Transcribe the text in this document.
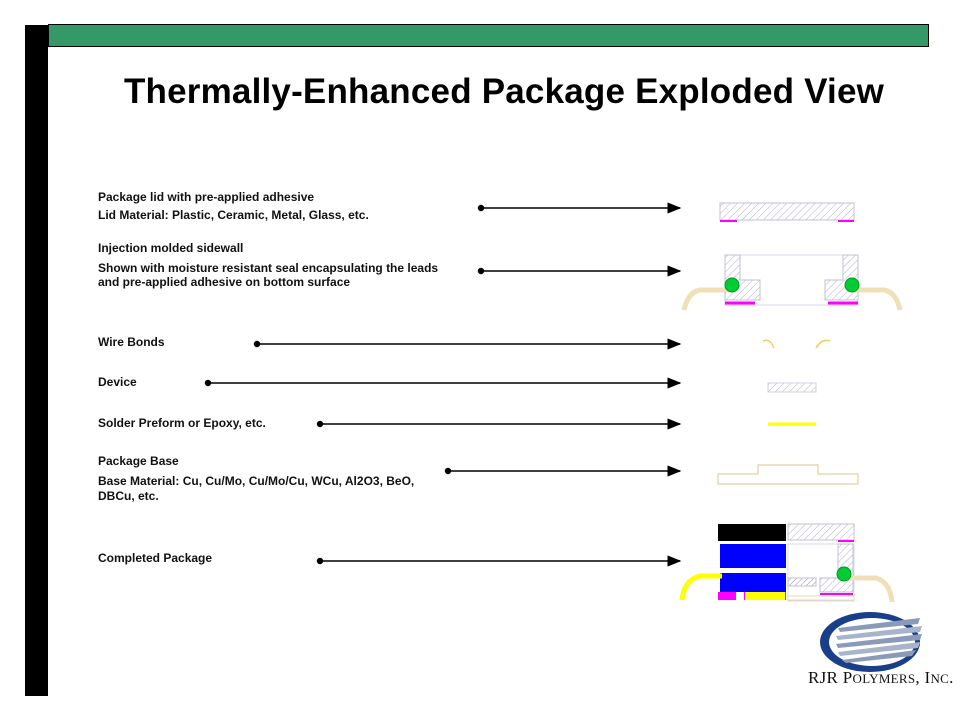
Thermally-Enhanced Package Exploded View
Package lid with pre-applied adhesive
Lid Material: Plastic, Ceramic, Metal, Glass, etc.
Injection molded sidewall
Shown with moisture resistant seal encapsulating the leads and pre-applied adhesive on bottom surface
Wire Bonds
Device
Solder Preform or Epoxy, etc.
Package Base
Base Material: Cu, Cu/Mo, Cu/Mo/Cu, WCu, Al2O3, BeO, DBCu, etc.
Completed Package
RJR POLYMERS, INC.
